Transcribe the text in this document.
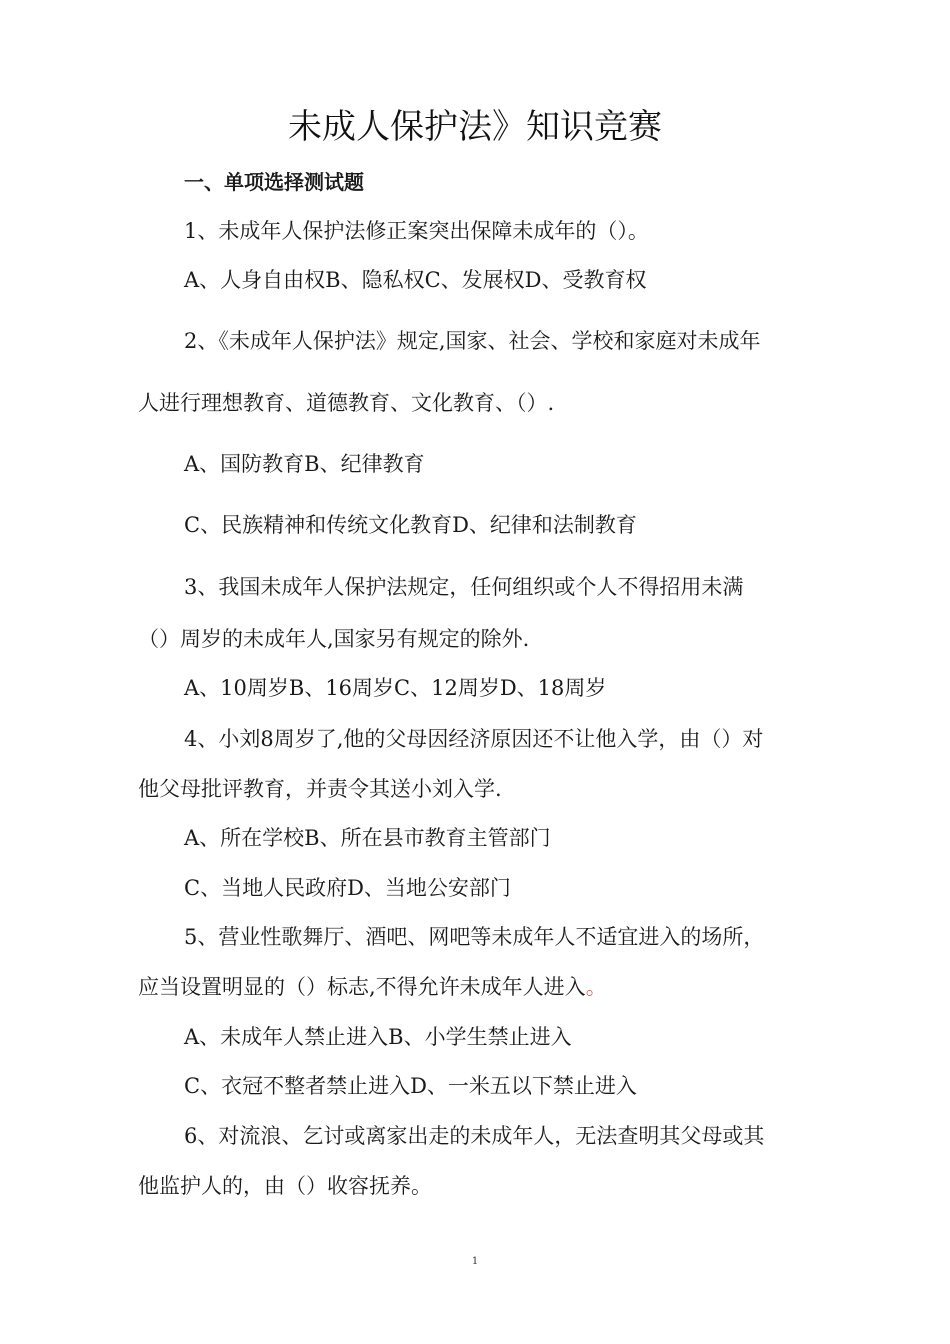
未成人保护法》知识竞赛
一、单项选择测试题
1、未成年人保护法修正案突出保障未成年的（）。
A、人身自由权B、隐私权C、发展权D、受教育权
2、《未成年人保护法》规定,国家、社会、学校和家庭对未成年
人进行理想教育、道德教育、文化教育、（）.
A、国防教育B、纪律教育
C、民族精神和传统文化教育D、纪律和法制教育
3、我国未成年人保护法规定，任何组织或个人不得招用未满
（）周岁的未成年人,国家另有规定的除外.
A、10周岁B、16周岁C、12周岁D、18周岁
4、小刘8周岁了,他的父母因经济原因还不让他入学，由（）对
他父母批评教育，并责令其送小刘入学.
A、所在学校B、所在县市教育主管部门
C、当地人民政府D、当地公安部门
5、营业性歌舞厅、酒吧、网吧等未成年人不适宜进入的场所，
应当设置明显的（）标志,不得允许未成年人进入。
A、未成年人禁止进入B、小学生禁止进入
C、衣冠不整者禁止进入D、一米五以下禁止进入
6、对流浪、乞讨或离家出走的未成年人，无法查明其父母或其
他监护人的，由（）收容抚养。
1
